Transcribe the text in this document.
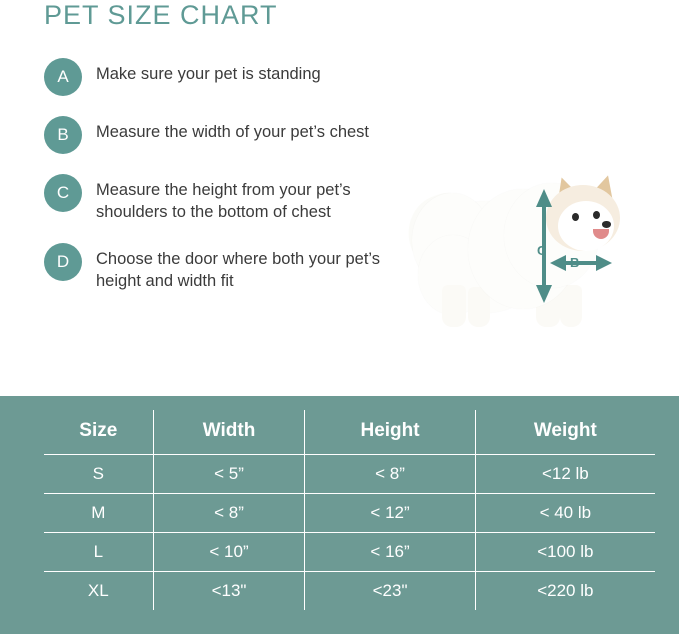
PET SIZE CHART
A	Make sure your pet is standing
B	Measure the width of your pet’s chest
C	Measure the height from your pet’s shoulders to the bottom of chest
D	Choose the door where both your pet’s height and width fit
C
B
Size	Width	Height	Weight
S	< 5”	< 8”	<12 lb
M	< 8”	< 12”	< 40 lb
L	< 10”	< 16”	<100 lb
XL	<13"	<23"	<220 lb
